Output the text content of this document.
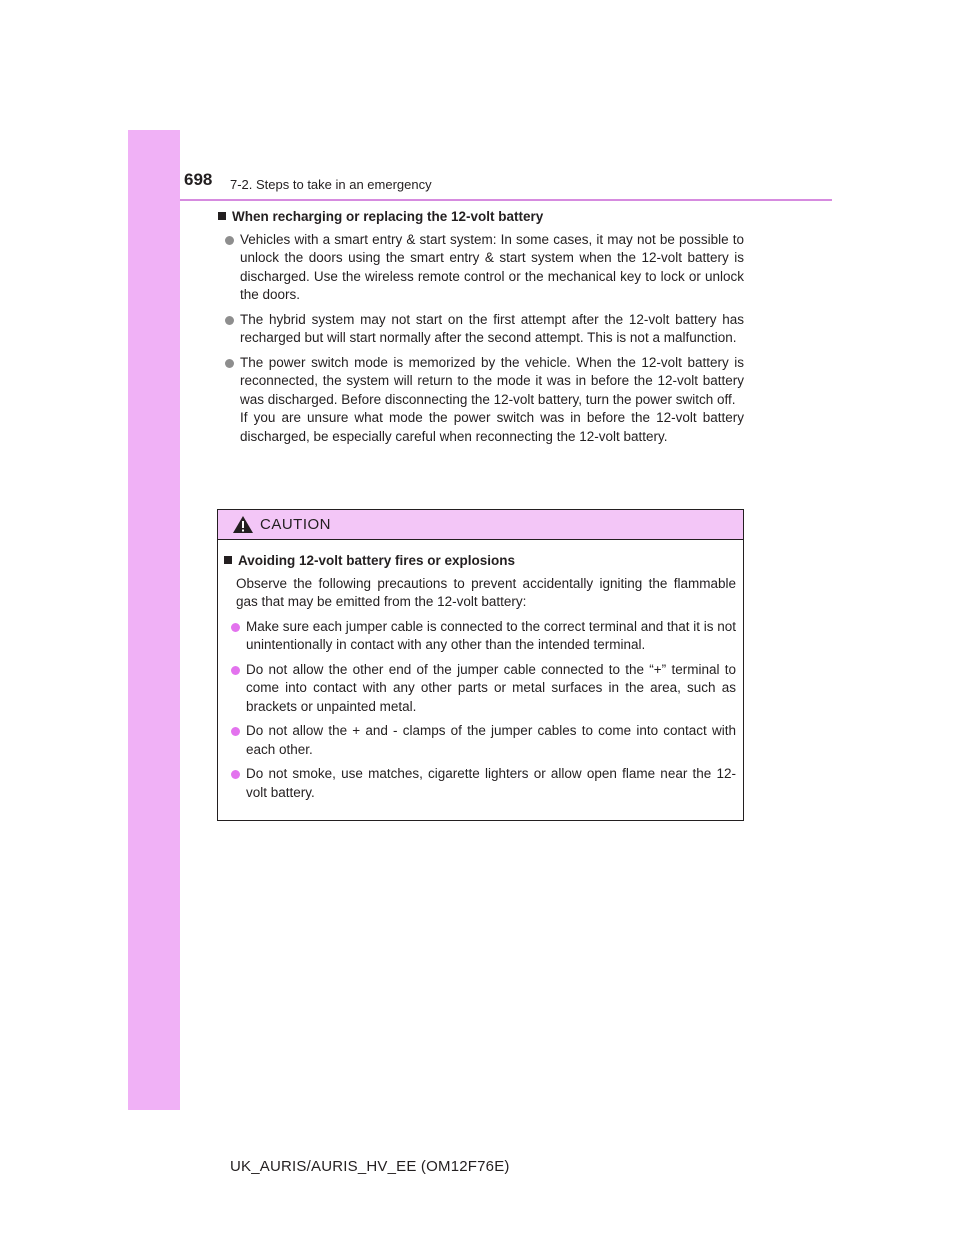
698 7-2. Steps to take in an emergency
When recharging or replacing the 12-volt battery

Vehicles with a smart entry & start system: In some cases, it may not be possible to unlock the doors using the smart entry & start system when the 12-volt battery is discharged. Use the wireless remote control or the mechanical key to lock or unlock the doors.

The hybrid system may not start on the first attempt after the 12-volt battery has recharged but will start normally after the second attempt. This is not a malfunction.

The power switch mode is memorized by the vehicle. When the 12-volt battery is reconnected, the system will return to the mode it was in before the 12-volt battery was discharged. Before disconnecting the 12-volt battery, turn the power switch off.

If you are unsure what mode the power switch was in before the 12-volt battery discharged, be especially careful when reconnecting the 12-volt battery.

CAUTION
Avoiding 12-volt battery fires or explosions

Observe the following precautions to prevent accidentally igniting the flammable gas that may be emitted from the 12-volt battery:

Make sure each jumper cable is connected to the correct terminal and that it is not unintentionally in contact with any other than the intended terminal.

Do not allow the other end of the jumper cable connected to the “+” terminal to come into contact with any other parts or metal surfaces in the area, such as brackets or unpainted metal.

Do not allow the + and - clamps of the jumper cables to come into contact with each other.

Do not smoke, use matches, cigarette lighters or allow open flame near the 12-volt battery.

UK_AURIS/AURIS_HV_EE (OM12F76E)
